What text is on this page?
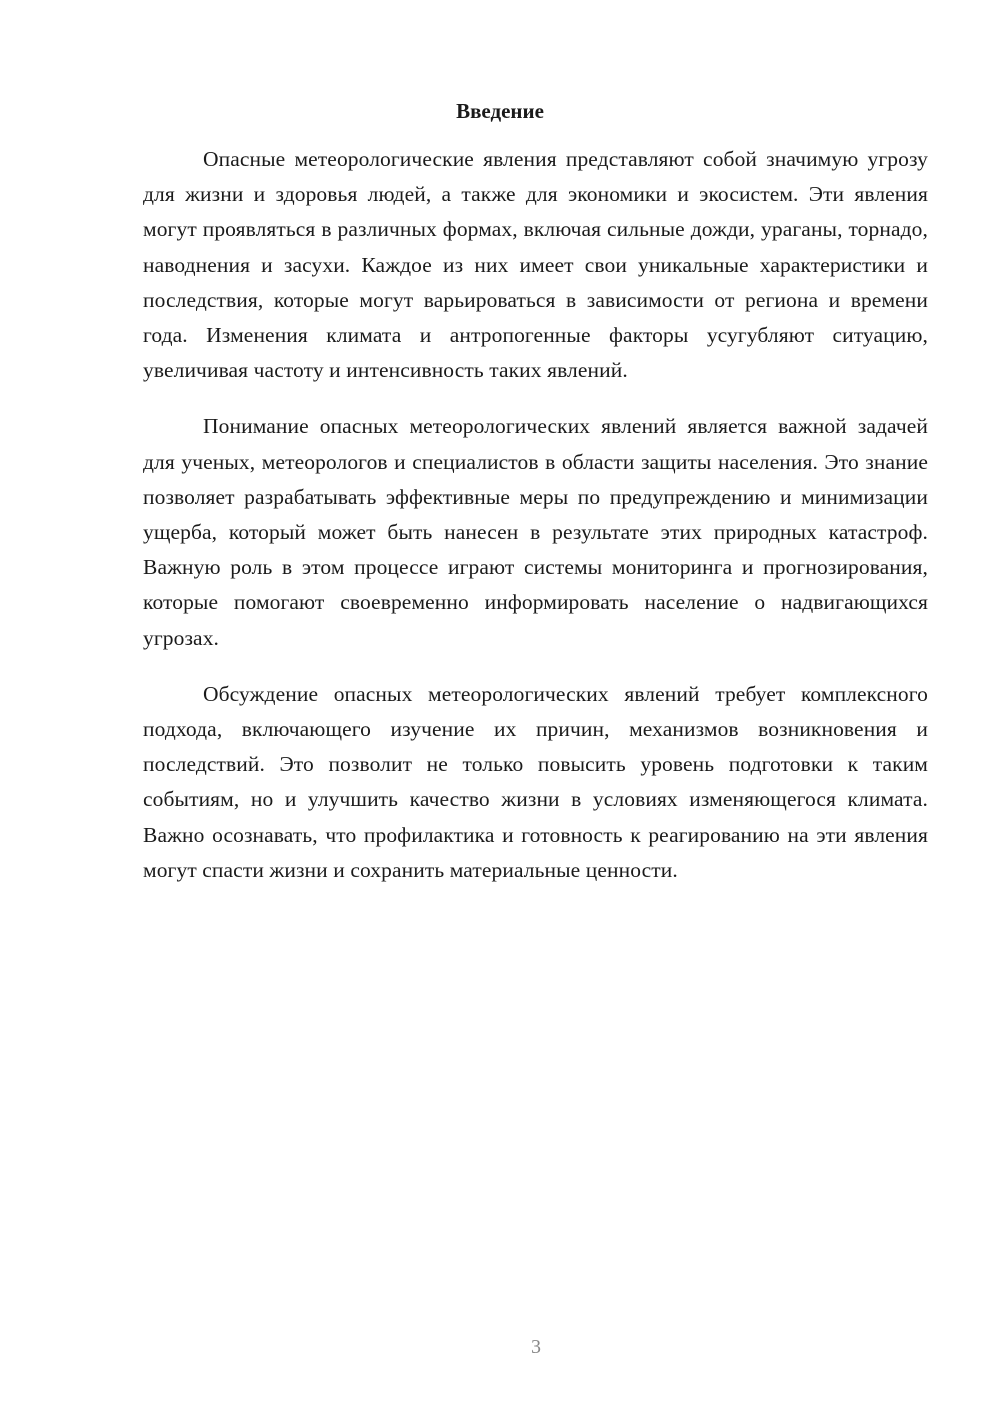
Введение

Опасные метеорологические явления представляют собой значимую угрозу для жизни и здоровья людей, а также для экономики и экосистем. Эти явления могут проявляться в различных формах, включая сильные дожди, ураганы, торнадо, наводнения и засухи. Каждое из них имеет свои уникальные характеристики и последствия, которые могут варьироваться в зависимости от региона и времени года. Изменения климата и антропогенные факторы усугубляют ситуацию, увеличивая частоту и интенсивность таких явлений.

Понимание опасных метеорологических явлений является важной задачей для ученых, метеорологов и специалистов в области защиты населения. Это знание позволяет разрабатывать эффективные меры по предупреждению и минимизации ущерба, который может быть нанесен в результате этих природных катастроф. Важную роль в этом процессе играют системы мониторинга и прогнозирования, которые помогают своевременно информировать население о надвигающихся угрозах.

Обсуждение опасных метеорологических явлений требует комплексного подхода, включающего изучение их причин, механизмов возникновения и последствий. Это позволит не только повысить уровень подготовки к таким событиям, но и улучшить качество жизни в условиях изменяющегося климата. Важно осознавать, что профилактика и готовность к реагированию на эти явления могут спасти жизни и сохранить материальные ценности.

3
